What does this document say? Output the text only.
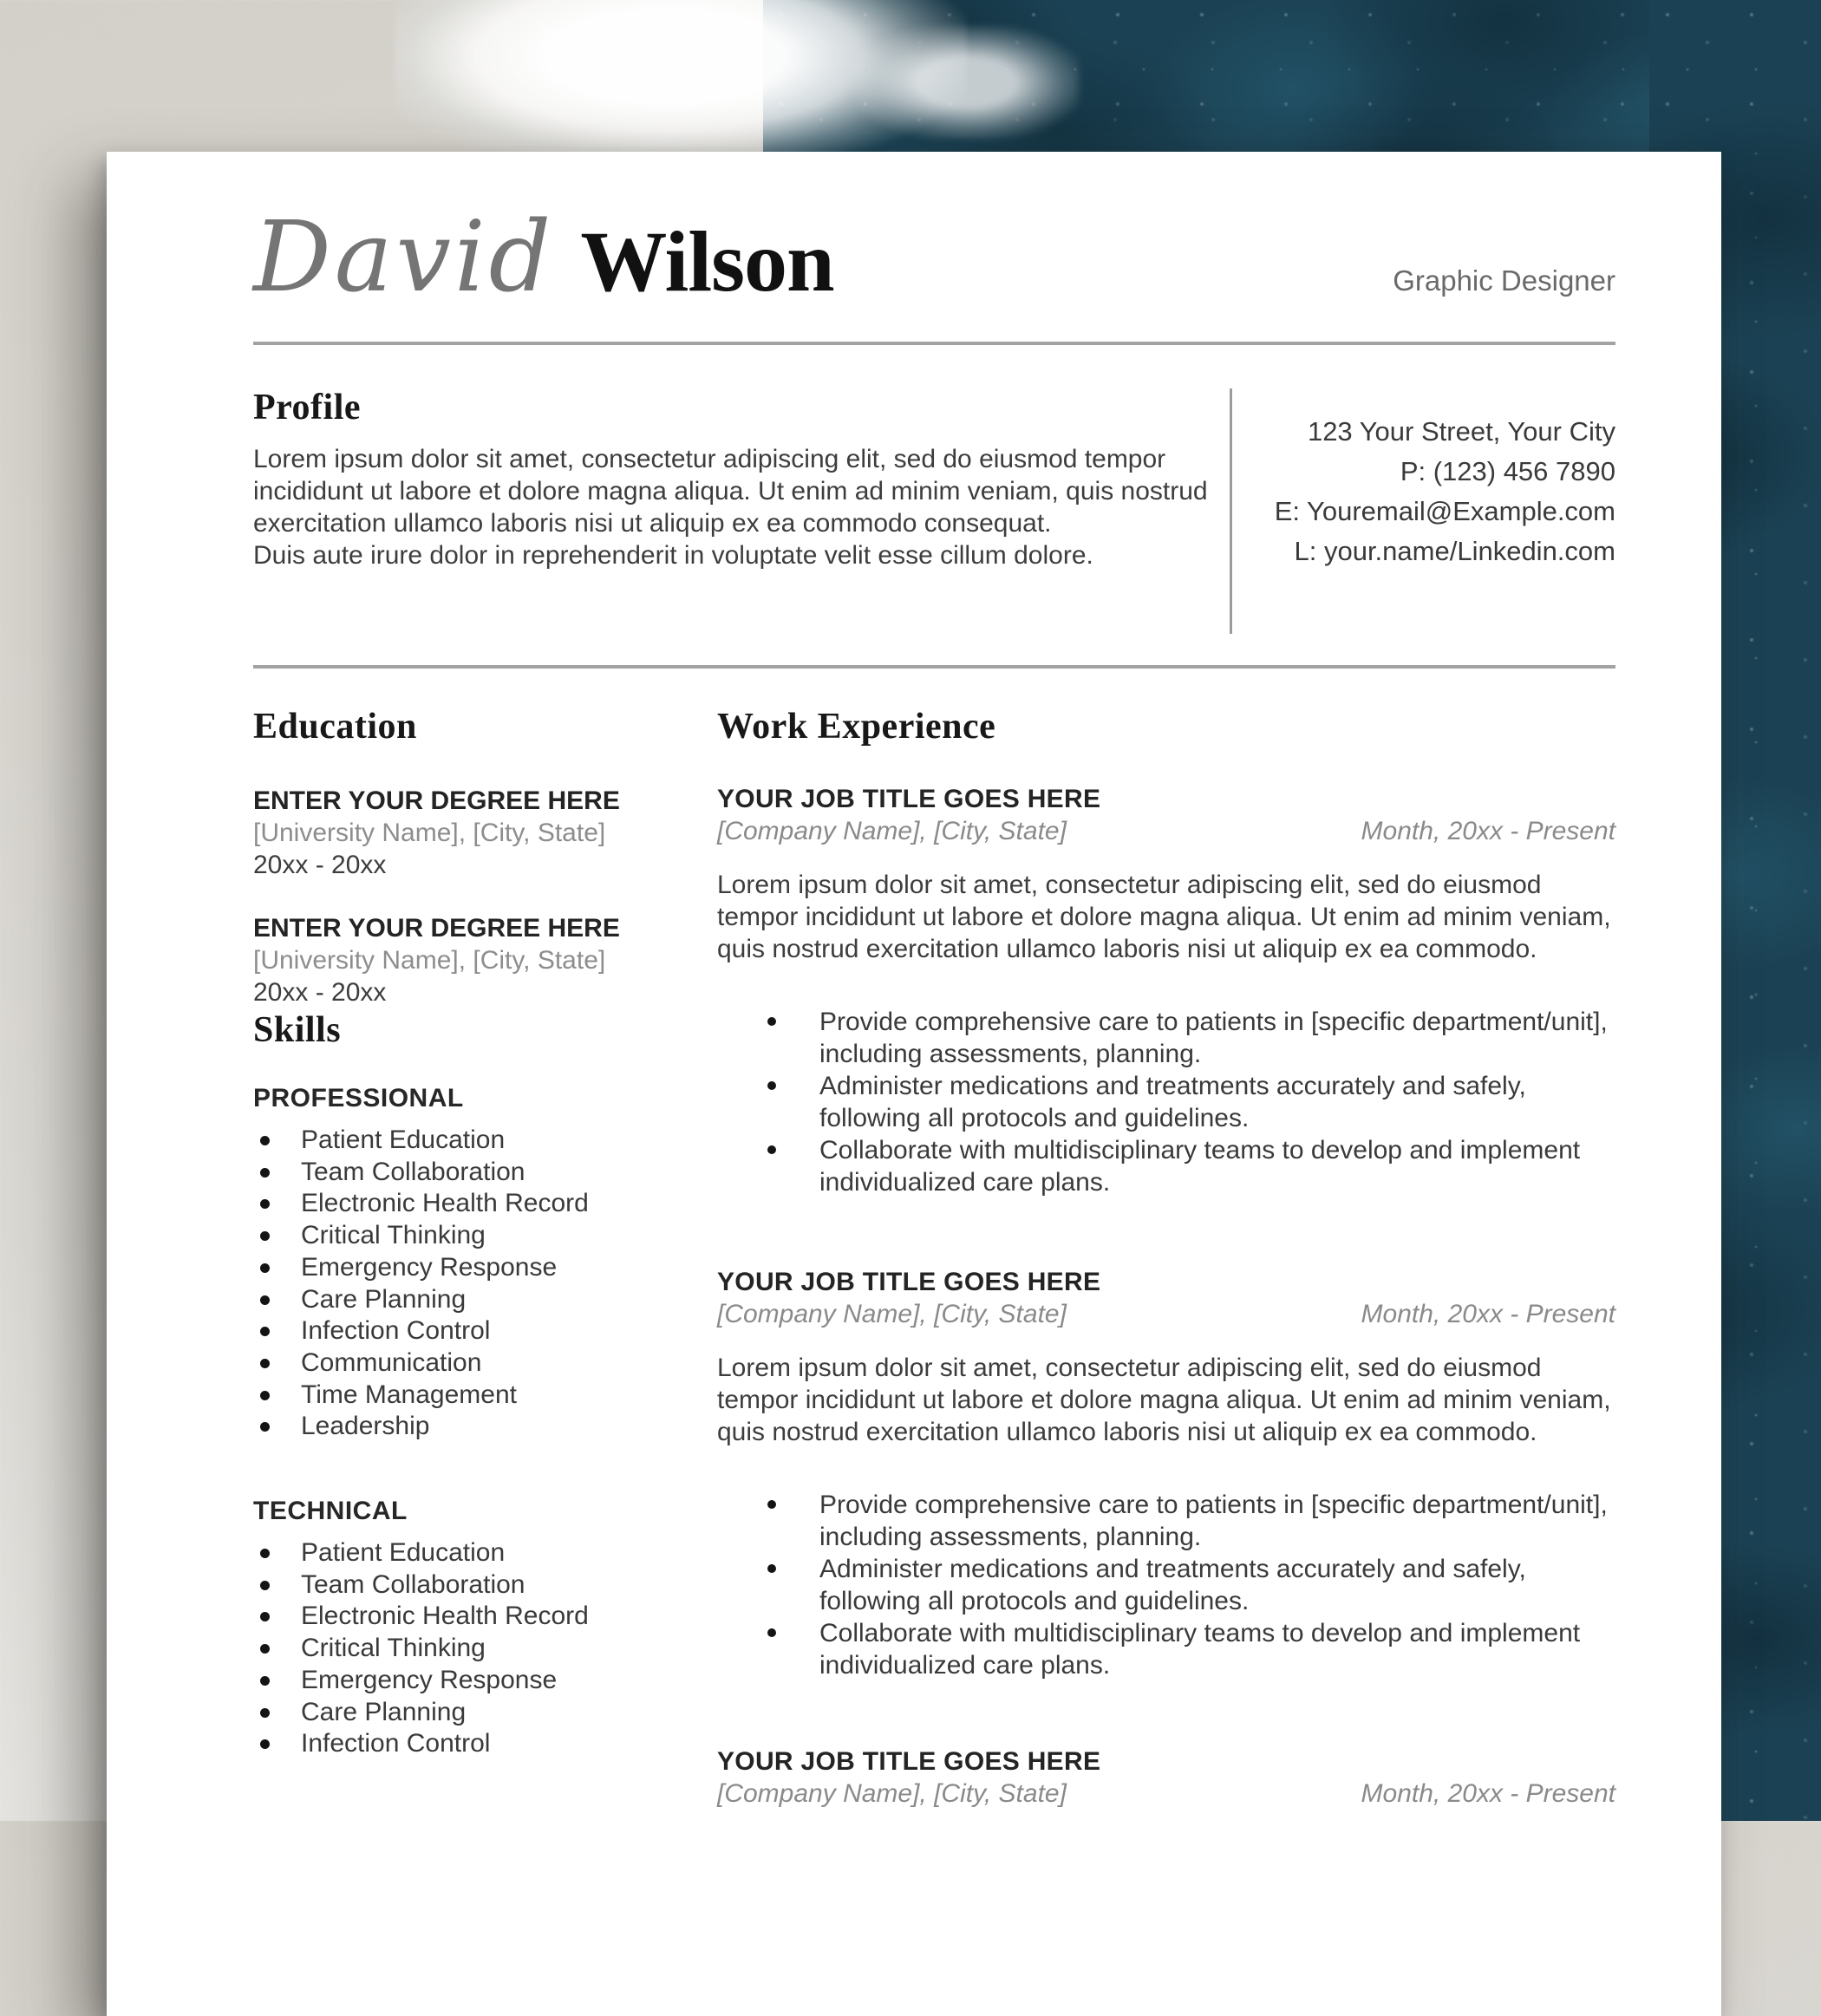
David Wilson	Graphic Designer
Profile

Lorem ipsum dolor sit amet, consectetur adipiscing elit, sed do eiusmod tempor incididunt ut labore et dolore magna aliqua. Ut enim ad minim veniam, quis nostrud exercitation ullamco laboris nisi ut aliquip ex ea commodo consequat.

Duis aute irure dolor in reprehenderit in voluptate velit esse cillum dolore.

123 Your Street, Your City
P: (123) 456 7890
E: Youremail@Example.com
L: your.name/Linkedin.com
Education
ENTER YOUR DEGREE HERE
[University Name], [City, State]
20xx - 20xx
ENTER YOUR DEGREE HERE
[University Name], [City, State]
20xx - 20xx
Skills
PROFESSIONAL
Patient Education
Team Collaboration
Electronic Health Record
Critical Thinking
Emergency Response
Care Planning
Infection Control
Communication
Time Management
Leadership
TECHNICAL
Patient Education
Team Collaboration
Electronic Health Record
Critical Thinking
Emergency Response
Care Planning
Infection Control
Work Experience
YOUR JOB TITLE GOES HERE
[Company Name], [City, State]	Month, 20xx - Present
Lorem ipsum dolor sit amet, consectetur adipiscing elit, sed do eiusmod tempor incididunt ut labore et dolore magna aliqua. Ut enim ad minim veniam, quis nostrud exercitation ullamco laboris nisi ut aliquip ex ea commodo.
Provide comprehensive care to patients in [specific department/unit], including assessments, planning.
Administer medications and treatments accurately and safely, following all protocols and guidelines.
Collaborate with multidisciplinary teams to develop and implement individualized care plans.
YOUR JOB TITLE GOES HERE
[Company Name], [City, State]	Month, 20xx - Present
Lorem ipsum dolor sit amet, consectetur adipiscing elit, sed do eiusmod tempor incididunt ut labore et dolore magna aliqua. Ut enim ad minim veniam, quis nostrud exercitation ullamco laboris nisi ut aliquip ex ea commodo.
Provide comprehensive care to patients in [specific department/unit], including assessments, planning.
Administer medications and treatments accurately and safely, following all protocols and guidelines.
Collaborate with multidisciplinary teams to develop and implement individualized care plans.
YOUR JOB TITLE GOES HERE
[Company Name], [City, State]	Month, 20xx - Present
